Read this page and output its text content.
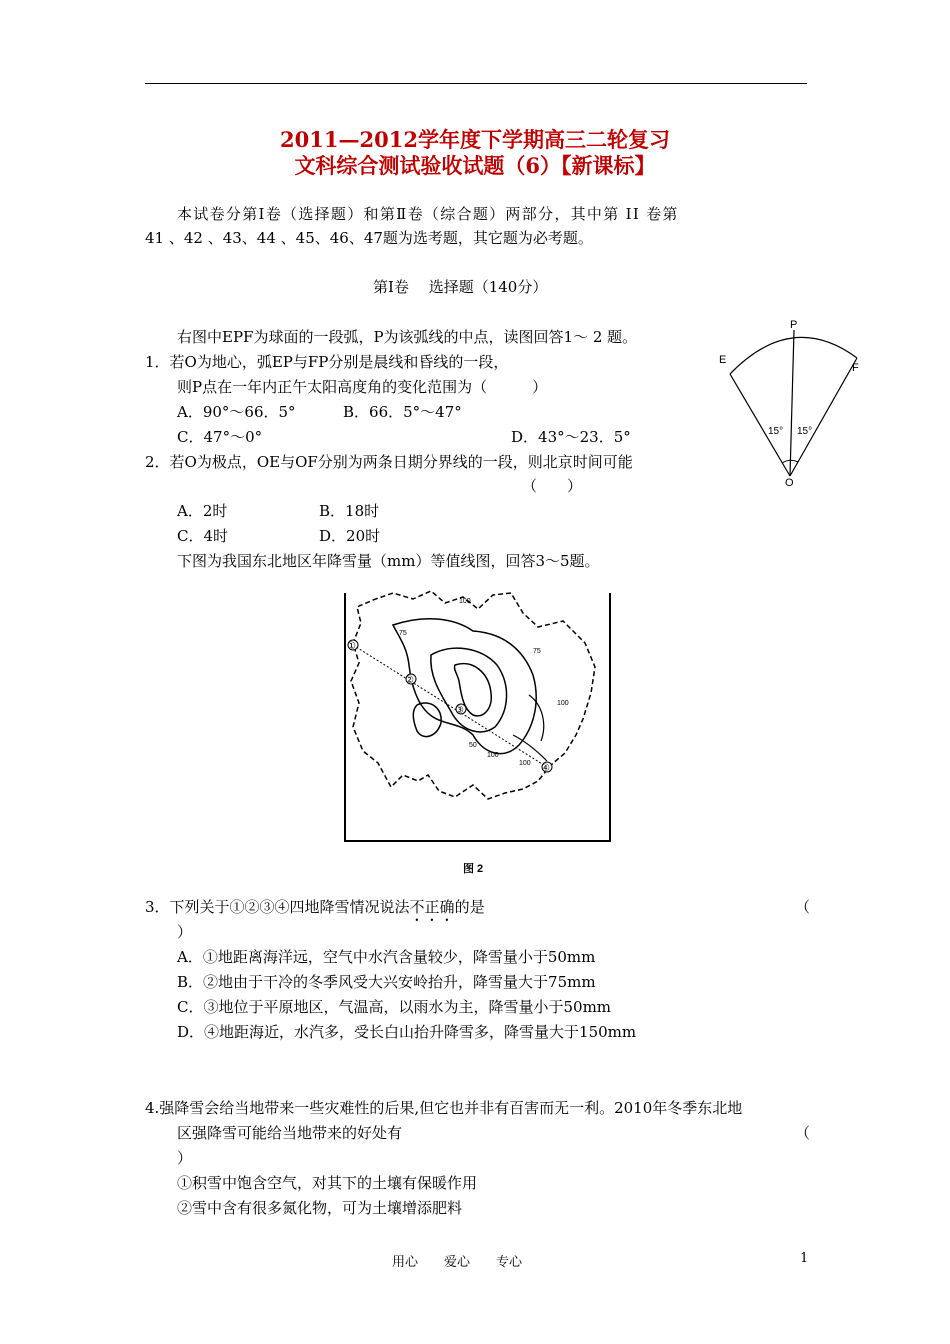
2011—2012学年度下学期高三二轮复习
文科综合测试验收试题（6）【新课标】
本试卷分第Ⅰ卷（选择题）和第Ⅱ卷（综合题）两部分，其中第 II 卷第
41 、42 、43、44 、45、46、47题为选考题，其它题为必考题。
第Ⅰ卷　 选择题（140分）
右图中EPF为球面的一段弧，P为该弧线的中点，读图回答1～ 2 题。
1．若O为地心，弧EP与FP分别是晨线和昏线的一段，
则P点在一年内正午太阳高度角的变化范围为（　　　）
A．90°～66．5°	B．66．5°～47°
C．47°～0°	D．43°～23．5°
2．若O为极点，OE与OF分别为两条日期分界线的一段，则北京时间可能
（　　）
A．2时	B．18时
C．4时	D．20时
P
E
F
O
15° 15°
下图为我国东北地区年降雪量（mm）等值线图，回答3～5题。
①
②
③
④
100
75
75
100
50
100
100
图 2
3．下列关于①②③④四地降雪情况说法不正确的是	（
）
A．①地距离海洋远，空气中水汽含量较少，降雪量小于50mm
B．②地由于干冷的冬季风受大兴安岭抬升，降雪量大于75mm
C．③地位于平原地区，气温高，以雨水为主，降雪量小于50mm
D．④地距海近，水汽多，受长白山抬升降雪多，降雪量大于150mm
4.强降雪会给当地带来一些灾难性的后果,但它也并非有百害而无一利。2010年冬季东北地
区强降雪可能给当地带来的好处有	（
）
①积雪中饱含空气，对其下的土壤有保暖作用
②雪中含有很多氮化物，可为土壤增添肥料
用心　　爱心　　专心	1
